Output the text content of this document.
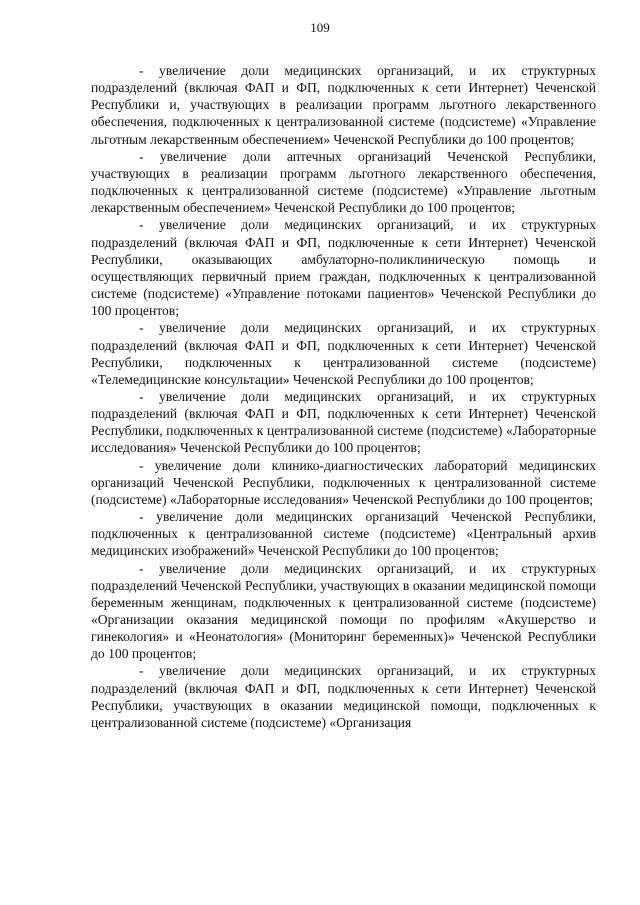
109

- увеличение доли медицинских организаций, и их структурных подразделений (включая ФАП и ФП, подключенных к сети Интернет) Чеченской Республики и, участвующих в реализации программ льготного лекарственного обеспечения, подключенных к централизованной системе (подсистеме) «Управление льготным лекарственным обеспечением» Чеченской Республики до 100 процентов;

- увеличение доли аптечных организаций Чеченской Республики, участвующих в реализации программ льготного лекарственного обеспечения, подключенных к централизованной системе (подсистеме) «Управление льготным лекарственным обеспечением» Чеченской Республики до 100 процентов;

- увеличение доли медицинских организаций, и их структурных подразделений (включая ФАП и ФП, подключенные к сети Интернет) Чеченской Республики, оказывающих амбулаторно-поликлиническую помощь и осуществляющих первичный прием граждан, подключенных к централизованной системе (подсистеме) «Управление потоками пациентов» Чеченской Республики до 100 процентов;

- увеличение доли медицинских организаций, и их структурных подразделений (включая ФАП и ФП, подключенных к сети Интернет) Чеченской Республики, подключенных к централизованной системе (подсистеме) «Телемедицинские консультации» Чеченской Республики до 100 процентов;

- увеличение доли медицинских организаций, и их структурных подразделений (включая ФАП и ФП, подключенных к сети Интернет) Чеченской Республики, подключенных к централизованной системе (подсистеме) «Лабораторные исследования» Чеченской Республики до 100 процентов;

- увеличение доли клинико-диагностических лабораторий медицинских организаций Чеченской Республики, подключенных к централизованной системе (подсистеме) «Лабораторные исследования» Чеченской Республики до 100 процентов;

- увеличение доли медицинских организаций Чеченской Республики, подключенных к централизованной системе (подсистеме) «Центральный архив медицинских изображений» Чеченской Республики до 100 процентов;

- увеличение доли медицинских организаций, и их структурных подразделений Чеченской Республики, участвующих в оказании медицинской помощи беременным женщинам, подключенных к централизованной системе (подсистеме) «Организации оказания медицинской помощи по профилям «Акушерство и гинекология» и «Неонатология» (Мониторинг беременных)» Чеченской Республики до 100 процентов;

- увеличение доли медицинских организаций, и их структурных подразделений (включая ФАП и ФП, подключенных к сети Интернет) Чеченской Республики, участвующих в оказании медицинской помощи, подключенных к централизованной системе (подсистеме) «Организация
